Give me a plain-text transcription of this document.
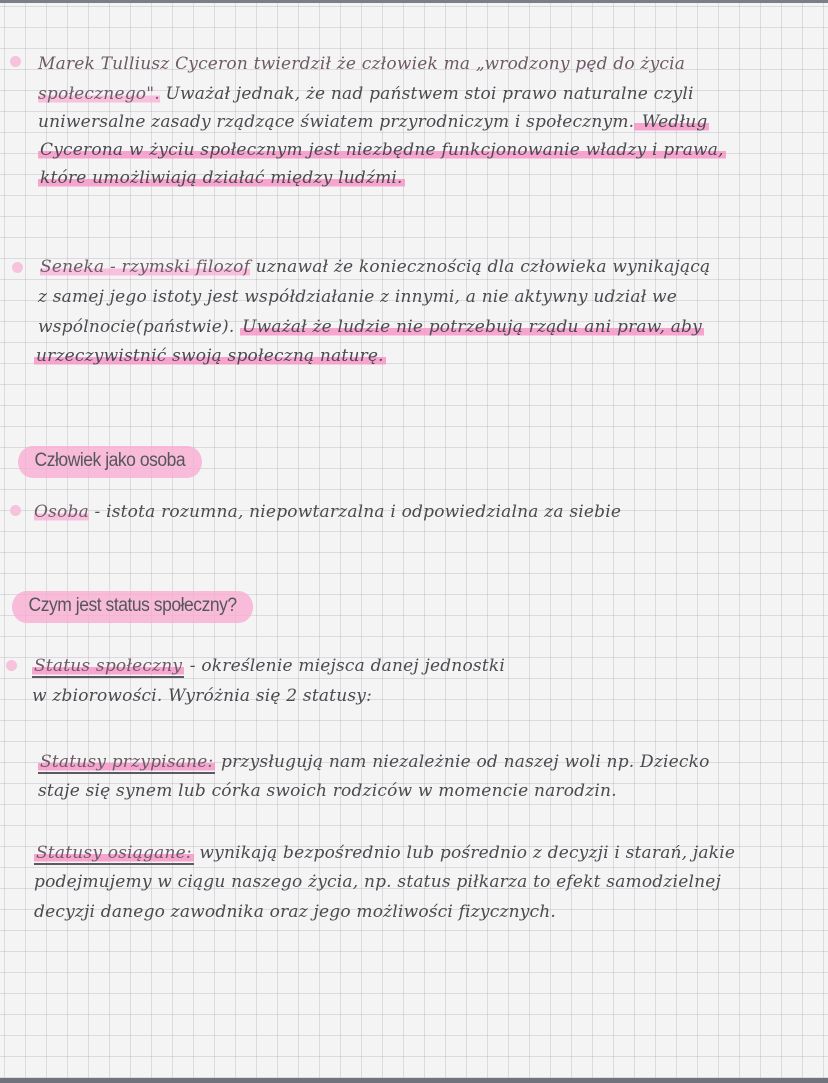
Marek Tulliusz Cyceron twierdził że człowiek ma „wrodzony pęd do życia
społecznego". Uważał jednak, że nad państwem stoi prawo naturalne czyli
uniwersalne zasady rządzące światem przyrodniczym i społecznym. Według
Cycerona w życiu społecznym jest niezbędne funkcjonowanie władzy i prawa,
które umożliwiają działać między ludźmi.
Seneka - rzymski filozof uznawał że koniecznością dla człowieka wynikającą
z samej jego istoty jest współdziałanie z innymi, a nie aktywny udział we
wspólnocie(państwie). Uważał że ludzie nie potrzebują rządu ani praw, aby
urzeczywistnić swoją społeczną naturę.
Człowiek jako osoba
Osoba - istota rozumna, niepowtarzalna i odpowiedzialna za siebie
Czym jest status społeczny?
Status społeczny - określenie miejsca danej jednostki
w zbiorowości. Wyróżnia się 2 statusy:
Statusy przypisane: przysługują nam niezależnie od naszej woli np. Dziecko
staje się synem lub córka swoich rodziców w momencie narodzin.
Statusy osiągane: wynikają bezpośrednio lub pośrednio z decyzji i starań, jakie
podejmujemy w ciągu naszego życia, np. status piłkarza to efekt samodzielnej
decyzji danego zawodnika oraz jego możliwości fizycznych.
